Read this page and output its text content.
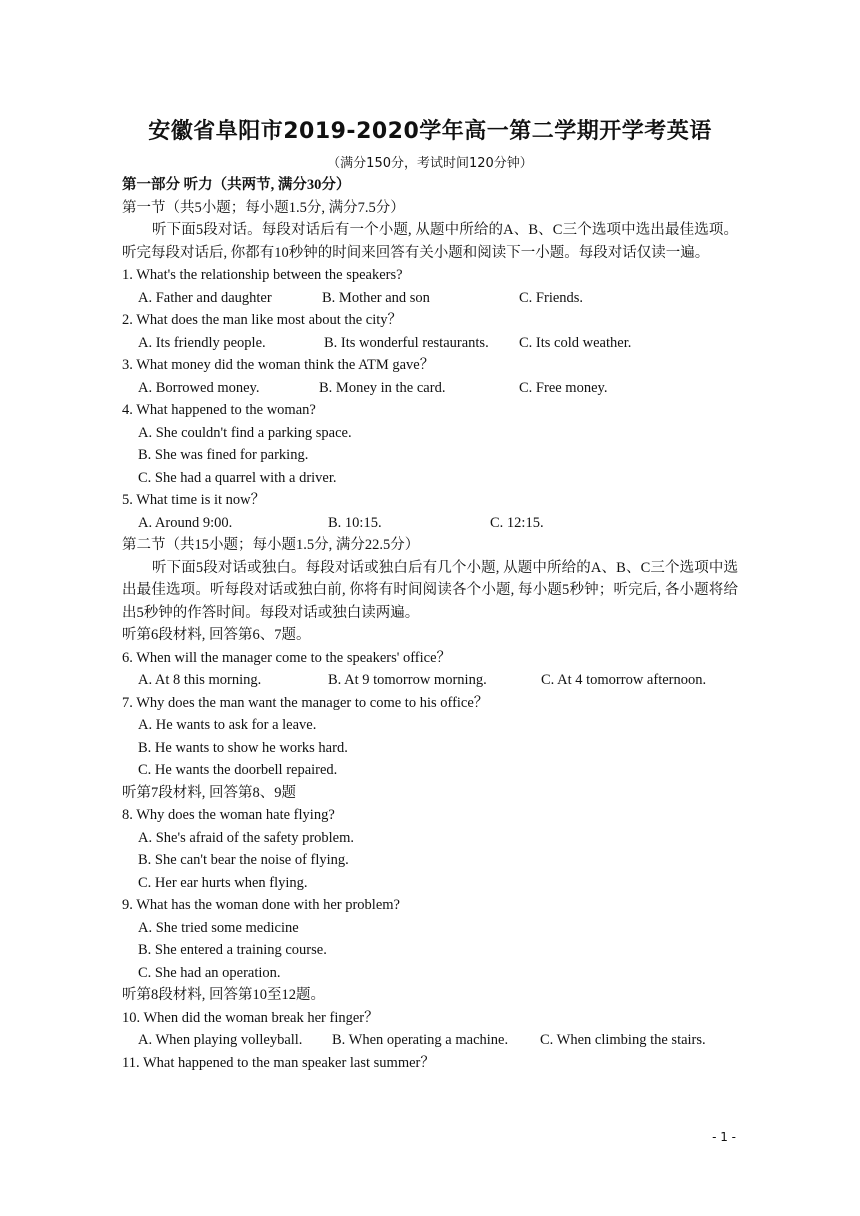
安徽省阜阳市2019-2020学年高一第二学期开学考英语
（满分150分，考试时间120分钟）
第一部分 听力（共两节, 满分30分）
第一节（共5小题；每小题1.5分, 满分7.5分）
听下面5段对话。每段对话后有一个小题, 从题中所给的A、B、C三个选项中选出最佳选项。听完每段对话后, 你都有10秒钟的时间来回答有关小题和阅读下一小题。每段对话仅读一遍。
1. What's the relationship between the speakers?
A. Father and daughter	B. Mother and son	C. Friends.
2. What does the man like most about the city？
A. Its friendly people.	B. Its wonderful restaurants. C. Its cold weather.
3. What money did the woman think the ATM gave？
A. Borrowed money.	B. Money in the card.	C. Free money.
4. What happened to the woman?
A. She couldn't find a parking space.
B. She was fined for parking.
C. She had a quarrel with a driver.
5. What time is it now？
A. Around 9:00.	B. 10:15.	C. 12:15.
第二节（共15小题；每小题1.5分, 满分22.5分）
听下面5段对话或独白。每段对话或独白后有几个小题, 从题中所给的A、B、C三个选项中选出最佳选项。听每段对话或独白前, 你将有时间阅读各个小题, 每小题5秒钟；听完后, 各小题将给出5秒钟的作答时间。每段对话或独白读两遍。
听第6段材料, 回答第6、7题。
6. When will the manager come to the speakers' office？
A. At 8 this morning.	B. At 9 tomorrow morning.	C. At 4 tomorrow afternoon.
7. Why does the man want the manager to come to his office？
A. He wants to ask for a leave.
B. He wants to show he works hard.
C. He wants the doorbell repaired.
听第7段材料, 回答第8、9题
8. Why does the woman hate flying?
A. She's afraid of the safety problem.
B. She can't bear the noise of flying.
C. Her ear hurts when flying.
9. What has the woman done with her problem?
A. She tried some medicine
B. She entered a training course.
C. She had an operation.
听第8段材料, 回答第10至12题。
10. When did the woman break her finger？
A. When playing volleyball. B. When operating a machine. C. When climbing the stairs.
11. What happened to the man speaker last summer？
- 1 -
